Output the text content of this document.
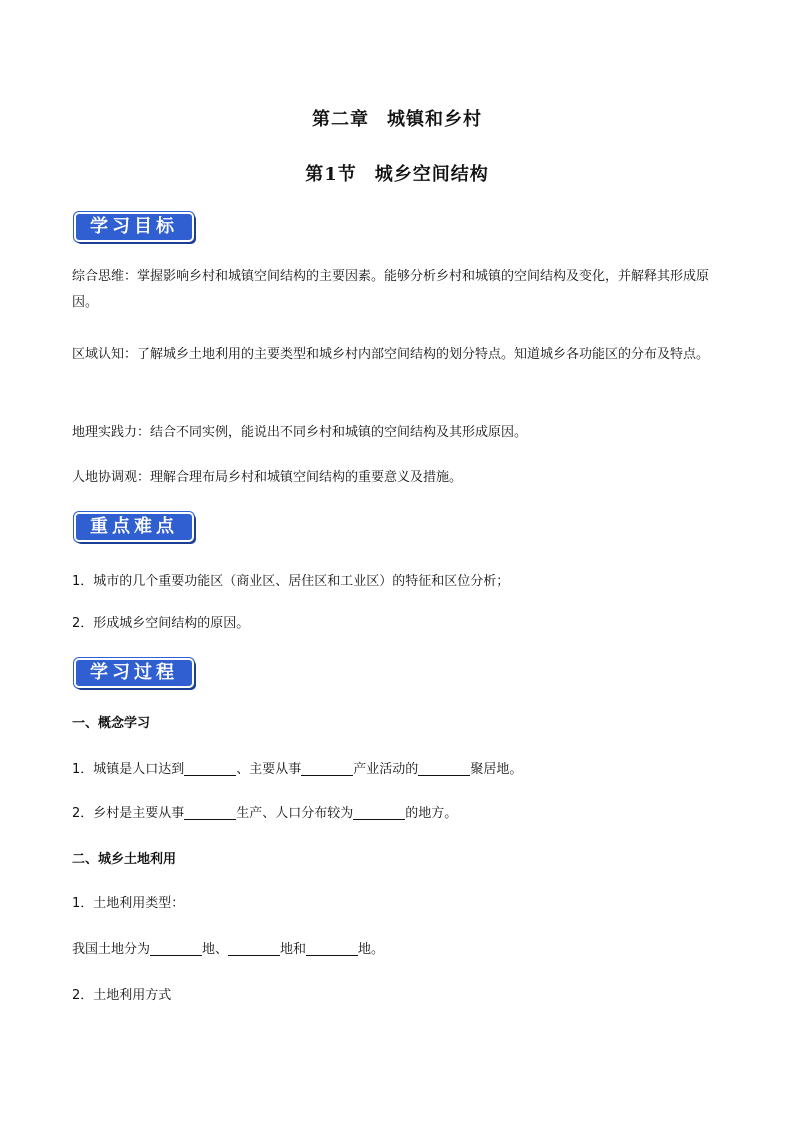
第二章 城镇和乡村
第1节 城乡空间结构
学习目标

综合思维：掌握影响乡村和城镇空间结构的主要因素。能够分析乡村和城镇的空间结构及变化，并解释其形成原因。

区域认知：了解城乡土地利用的主要类型和城乡村内部空间结构的划分特点。知道城乡各功能区的分布及特点。

地理实践力：结合不同实例，能说出不同乡村和城镇的空间结构及其形成原因。

人地协调观：理解合理布局乡村和城镇空间结构的重要意义及措施。

重点难点
1．城市的几个重要功能区（商业区、居住区和工业区）的特征和区位分析；
2．形成城乡空间结构的原因。
学习过程
一、概念学习
1．城镇是人口达到	、主要从事	产业活动的	聚居地。
2．乡村是主要从事	生产、人口分布较为	的地方。
二、城乡土地利用
1．土地利用类型：
我国土地分为	地、	地和	地。
2．土地利用方式
